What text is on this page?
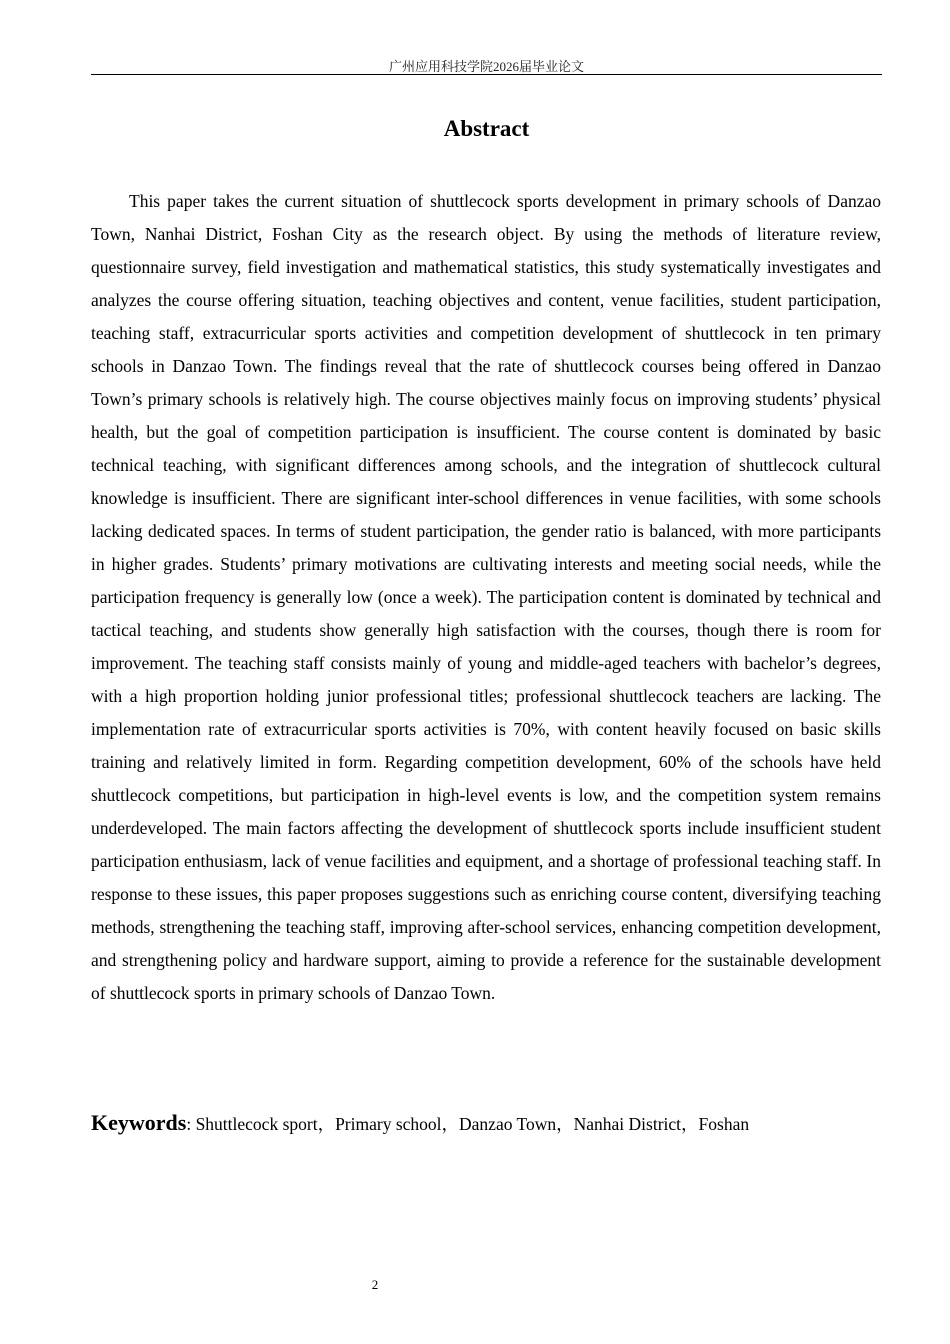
广州应用科技学院2026届毕业论文
Abstract

This paper takes the current situation of shuttlecock sports development in primary schools of Danzao Town, Nanhai District, Foshan City as the research object. By using the methods of literature review, questionnaire survey, field investigation and mathematical statistics, this study systematically investigates and analyzes the course offering situation, teaching objectives and content, venue facilities, student participation, teaching staff, extracurricular sports activities and competition development of shuttlecock in ten primary schools in Danzao Town. The findings reveal that the rate of shuttlecock courses being offered in Danzao Town’s primary schools is relatively high. The course objectives mainly focus on improving students’ physical health, but the goal of competition participation is insufficient. The course content is dominated by basic technical teaching, with significant differences among schools, and the integration of shuttlecock cultural knowledge is insufficient. There are significant inter-school differences in venue facilities, with some schools lacking dedicated spaces. In terms of student participation, the gender ratio is balanced, with more participants in higher grades. Students’ primary motivations are cultivating interests and meeting social needs, while the participation frequency is generally low (once a week). The participation content is dominated by technical and tactical teaching, and students show generally high satisfaction with the courses, though there is room for improvement. The teaching staff consists mainly of young and middle-aged teachers with bachelor’s degrees, with a high proportion holding junior professional titles; professional shuttlecock teachers are lacking. The implementation rate of extracurricular sports activities is 70%, with content heavily focused on basic skills training and relatively limited in form. Regarding competition development, 60% of the schools have held shuttlecock competitions, but participation in high-level events is low, and the competition system remains underdeveloped. The main factors affecting the development of shuttlecock sports include insufficient student participation enthusiasm, lack of venue facilities and equipment, and a shortage of professional teaching staff. In response to these issues, this paper proposes suggestions such as enriching course content, diversifying teaching methods, strengthening the teaching staff, improving after-school services, enhancing competition development, and strengthening policy and hardware support, aiming to provide a reference for the sustainable development of shuttlecock sports in primary schools of Danzao Town.

Keywords: Shuttlecock sport，Primary school，Danzao Town，Nanhai District，Foshan
2
